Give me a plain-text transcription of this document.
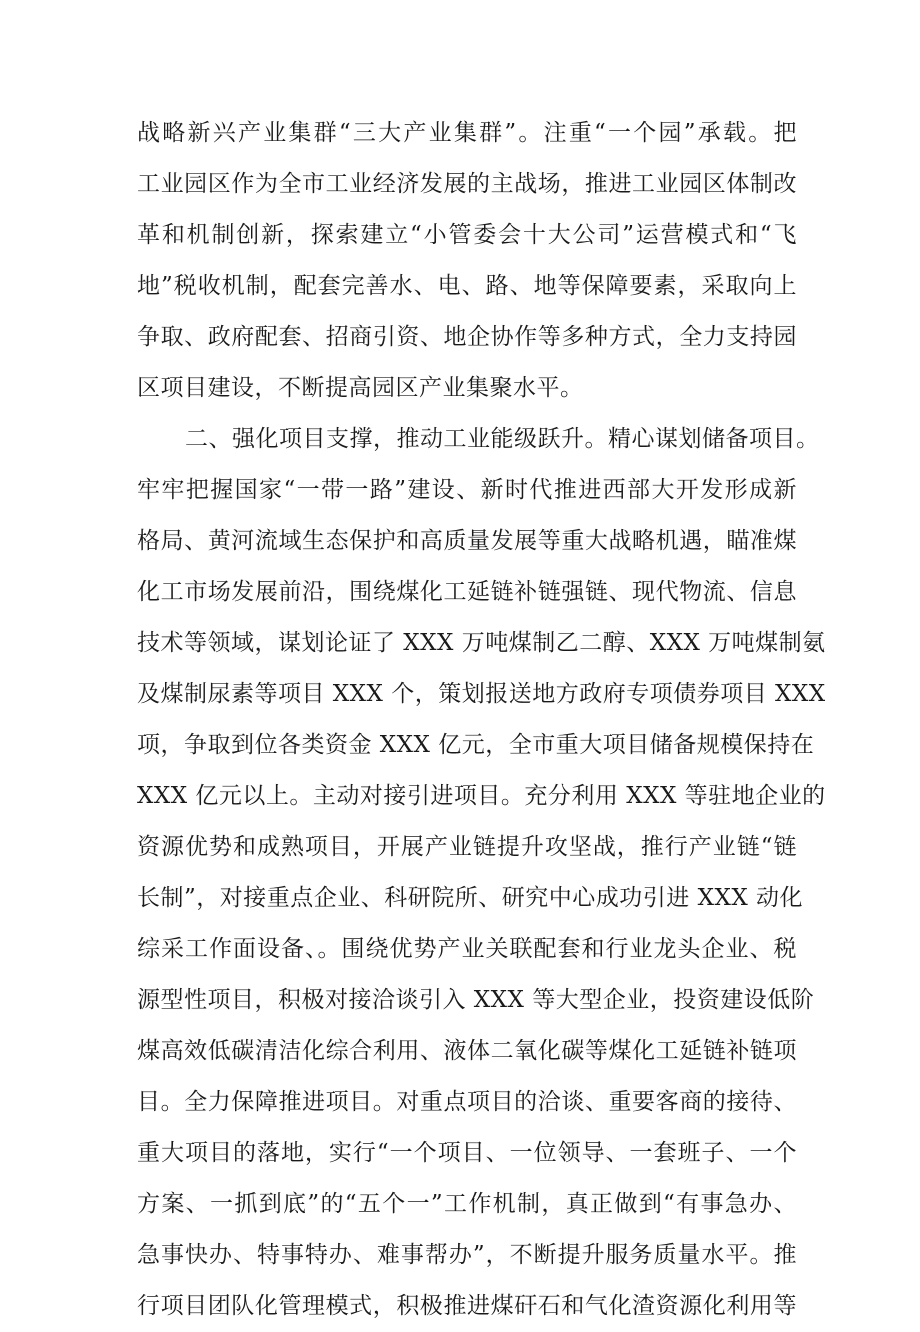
战略新兴产业集群“三大产业集群”。注重“一个园”承载。把
工业园区作为全市工业经济发展的主战场，推进工业园区体制改
革和机制创新，探索建立“小管委会十大公司”运营模式和“飞
地”税收机制，配套完善水、电、路、地等保障要素，采取向上
争取、政府配套、招商引资、地企协作等多种方式，全力支持园
区项目建设，不断提高园区产业集聚水平。
二、强化项目支撑，推动工业能级跃升。精心谋划储备项目。
牢牢把握国家“一带一路”建设、新时代推进西部大开发形成新
格局、黄河流域生态保护和高质量发展等重大战略机遇，瞄准煤
化工市场发展前沿，围绕煤化工延链补链强链、现代物流、信息
技术等领域，谋划论证了 XXX 万吨煤制乙二醇、XXX 万吨煤制氨
及煤制尿素等项目 XXX 个，策划报送地方政府专项债券项目 XXX
项，争取到位各类资金 XXX 亿元，全市重大项目储备规模保持在
XXX 亿元以上。主动对接引进项目。充分利用 XXX 等驻地企业的
资源优势和成熟项目，开展产业链提升攻坚战，推行产业链“链
长制”，对接重点企业、科研院所、研究中心成功引进 XXX 动化
综采工作面设备、。围绕优势产业关联配套和行业龙头企业、税
源型性项目，积极对接洽谈引入 XXX 等大型企业，投资建设低阶
煤高效低碳清洁化综合利用、液体二氧化碳等煤化工延链补链项
目。全力保障推进项目。对重点项目的洽谈、重要客商的接待、
重大项目的落地，实行“一个项目、一位领导、一套班子、一个
方案、一抓到底”的“五个一”工作机制，真正做到“有事急办、
急事快办、特事特办、难事帮办”，不断提升服务质量水平。推
行项目团队化管理模式，积极推进煤矸石和气化渣资源化利用等
